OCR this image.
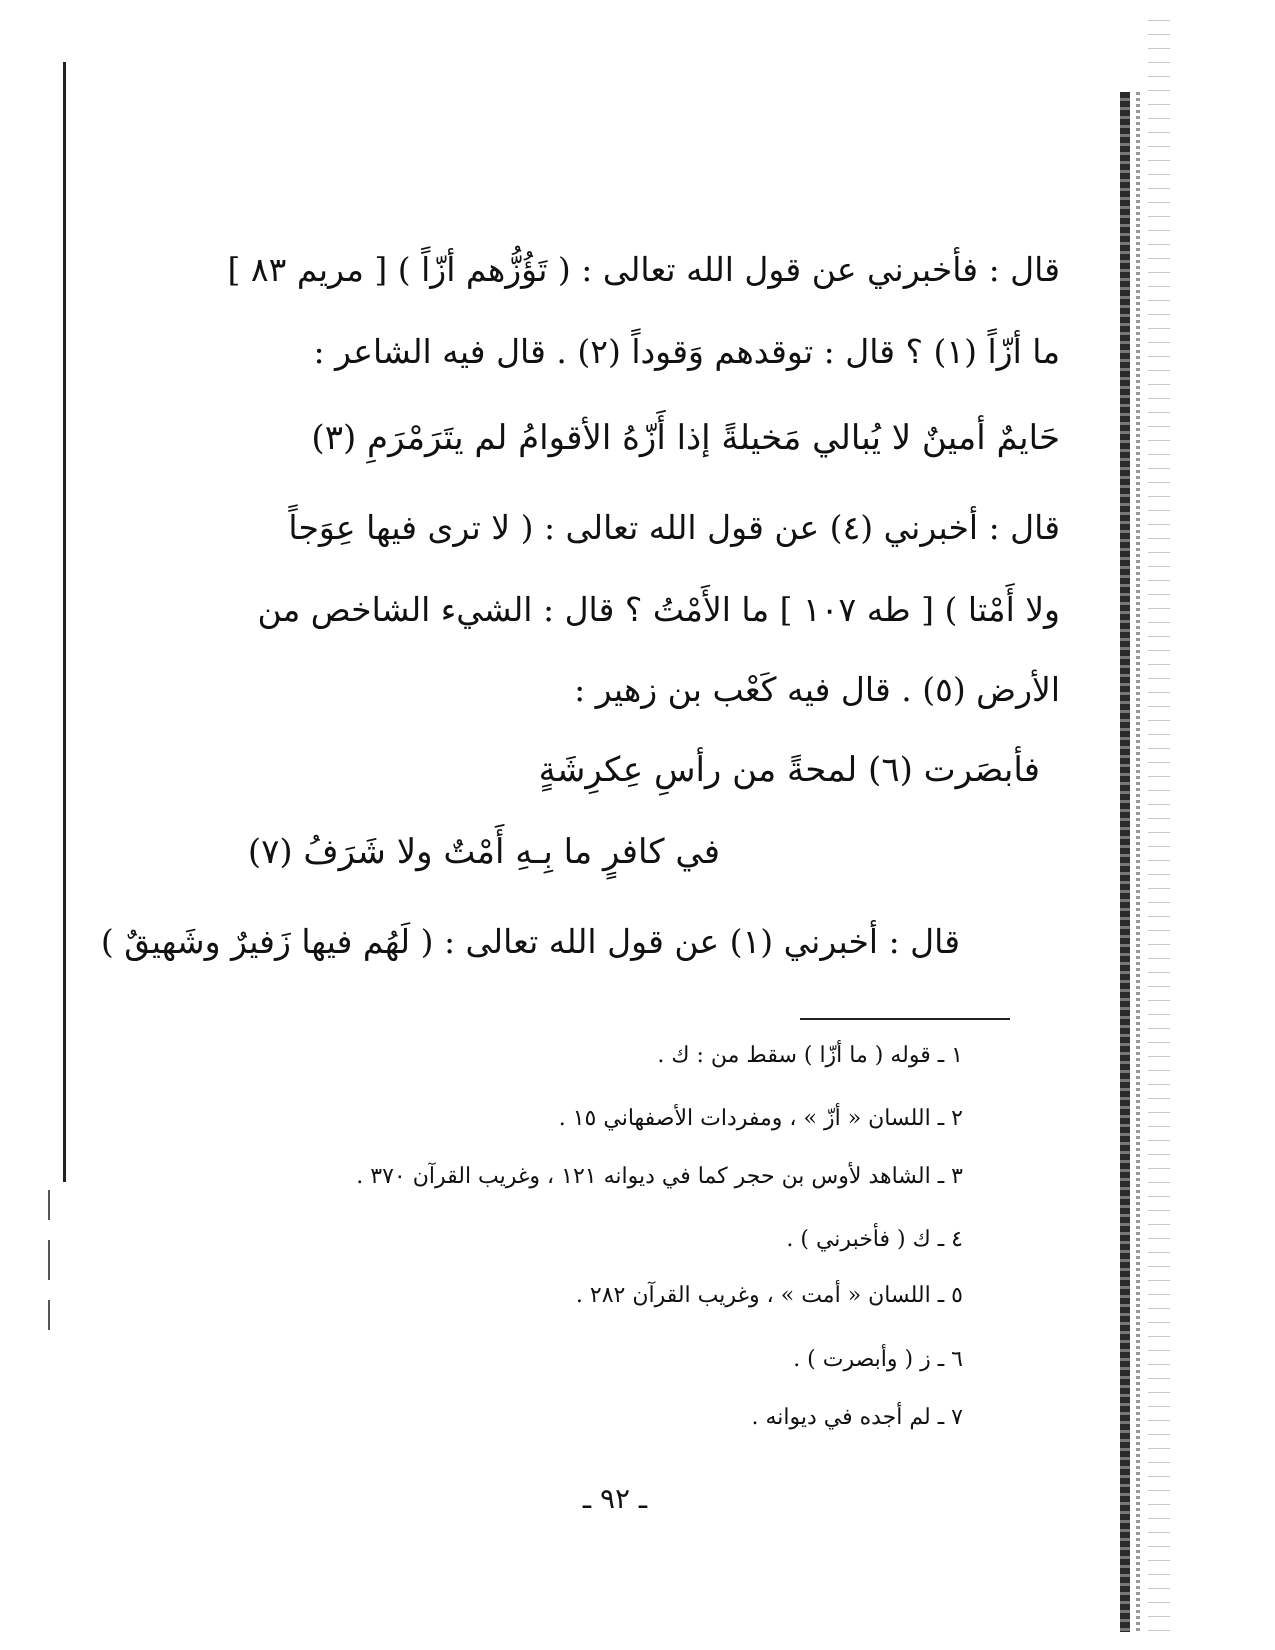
قال : فأخبرني عن قول الله تعالى : ( تَؤُزُّهم أزّاً ) [ مريم ٨٣ ]
ما أزّاً (١) ؟ قال : توقدهم وَقوداً (٢) . قال فيه الشاعر :
حَايمٌ أمينٌ لا يُبالي مَخيلةً إذا أَزّهُ الأقوامُ لم يتَرَمْرَمِ (٣)
قال : أخبرني (٤) عن قول الله تعالى : ( لا ترى فيها عِوَجاً
ولا أَمْتا ) [ طه ١٠٧ ] ما الأَمْتُ ؟ قال : الشيء الشاخص من
الأرض (٥) . قال فيه كَعْب بن زهير :
فأبصَرت (٦) لمحةً من رأسِ عِكرِشَةٍ
في كافرٍ ما بِـهِ أَمْتٌ ولا شَرَفُ (٧)
قال : أخبرني (١) عن قول الله تعالى : ( لَهُم فيها زَفيرٌ وشَهيقٌ )
١ ـ قوله ( ما أزّا ) سقط من : ك .
٢ ـ اللسان « أزّ » ، ومفردات الأصفهاني ١٥ .
٣ ـ الشاهد لأوس بن حجر كما في ديوانه ١٢١ ، وغريب القرآن ٣٧٠ .
٤ ـ ك ( فأخبرني ) .
٥ ـ اللسان « أمت » ، وغريب القرآن ٢٨٢ .
٦ ـ ز ( وأبصرت ) .
٧ ـ لم أجده في ديوانه .
ـ ٩٢ ـ
